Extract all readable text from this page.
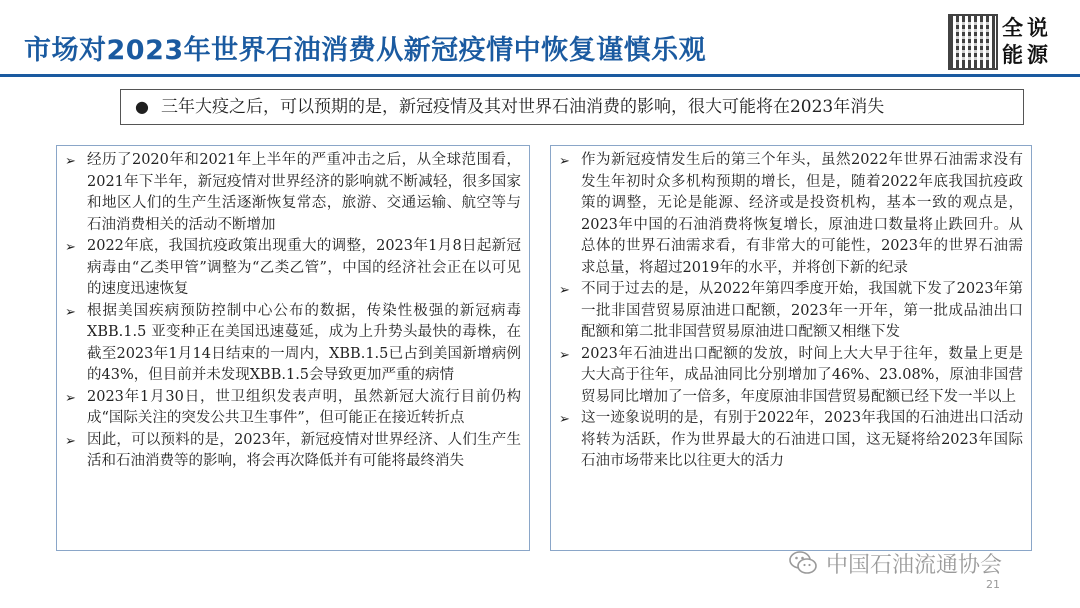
市场对2023年世界石油消费从新冠疫情中恢复谨慎乐观
全说
能源
● 三年大疫之后，可以预期的是，新冠疫情及其对世界石油消费的影响，很大可能将在2023年消失
➢ 经历了2020年和2021年上半年的严重冲击之后，从全球范围看，2021年下半年，新冠疫情对世界经济的影响就不断减轻，很多国家和地区人们的生产生活逐渐恢复常态，旅游、交通运输、航空等与石油消费相关的活动不断增加
➢ 2022年底，我国抗疫政策出现重大的调整，2023年1月8日起新冠病毒由“乙类甲管”调整为“乙类乙管”，中国的经济社会正在以可见的速度迅速恢复
➢ 根据美国疾病预防控制中心公布的数据，传染性极强的新冠病毒XBB.1.5 亚变种正在美国迅速蔓延，成为上升势头最快的毒株，在截至2023年1月14日结束的一周内，XBB.1.5已占到美国新增病例的43%，但目前并未发现XBB.1.5会导致更加严重的病情
➢ 2023年1月30日，世卫组织发表声明，虽然新冠大流行目前仍构成“国际关注的突发公共卫生事件”，但可能正在接近转折点
➢ 因此，可以预料的是，2023年，新冠疫情对世界经济、人们生产生活和石油消费等的影响，将会再次降低并有可能将最终消失
➢ 作为新冠疫情发生后的第三个年头，虽然2022年世界石油需求没有发生年初时众多机构预期的增长，但是，随着2022年底我国抗疫政策的调整，无论是能源、经济或是投资机构，基本一致的观点是，2023年中国的石油消费将恢复增长，原油进口数量将止跌回升。从总体的世界石油需求看，有非常大的可能性，2023年的世界石油需求总量，将超过2019年的水平，并将创下新的纪录
➢ 不同于过去的是，从2022年第四季度开始，我国就下发了2023年第一批非国营贸易原油进口配额，2023年一开年，第一批成品油出口配额和第二批非国营贸易原油进口配额又相继下发
➢ 2023年石油进出口配额的发放，时间上大大早于往年，数量上更是大大高于往年，成品油同比分别增加了46%、23.08%，原油非国营贸易同比增加了一倍多，年度原油非国营贸易配额已经下发一半以上
➢ 这一迹象说明的是，有别于2022年，2023年我国的石油进出口活动将转为活跃，作为世界最大的石油进口国，这无疑将给2023年国际石油市场带来比以往更大的活力
中国石油流通协会
21
